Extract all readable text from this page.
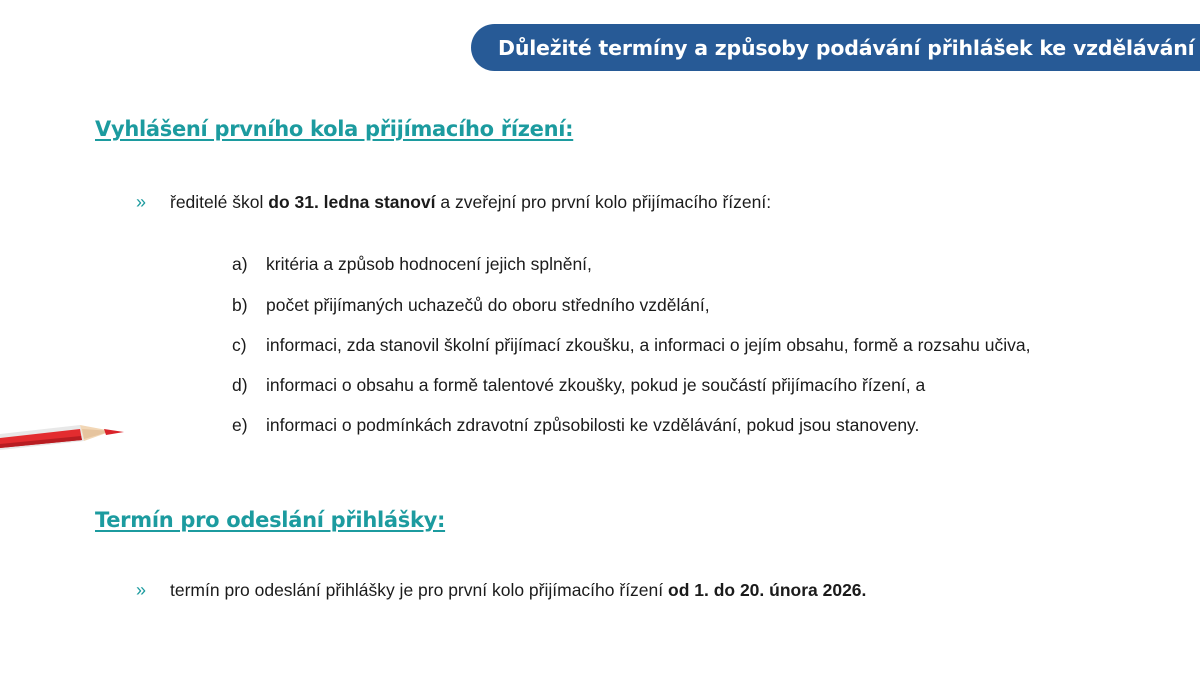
Důležité termíny a způsoby podávání přihlášek ke vzdělávání
Vyhlášení prvního kola přijímacího řízení:
»	ředitelé škol do 31. ledna stanoví a zveřejní pro první kolo přijímacího řízení:
a)	kritéria a způsob hodnocení jejich splnění,
b)	počet přijímaných uchazečů do oboru středního vzdělání,
c)	informaci, zda stanovil školní přijímací zkoušku, a informaci o jejím obsahu, formě a rozsahu učiva,
d)	informaci o obsahu a formě talentové zkoušky, pokud je součástí přijímacího řízení, a
e)	informaci o podmínkách zdravotní způsobilosti ke vzdělávání, pokud jsou stanoveny.
Termín pro odeslání přihlášky:
»	termín pro odeslání přihlášky je pro první kolo přijímacího řízení od 1. do 20. února 2026.
